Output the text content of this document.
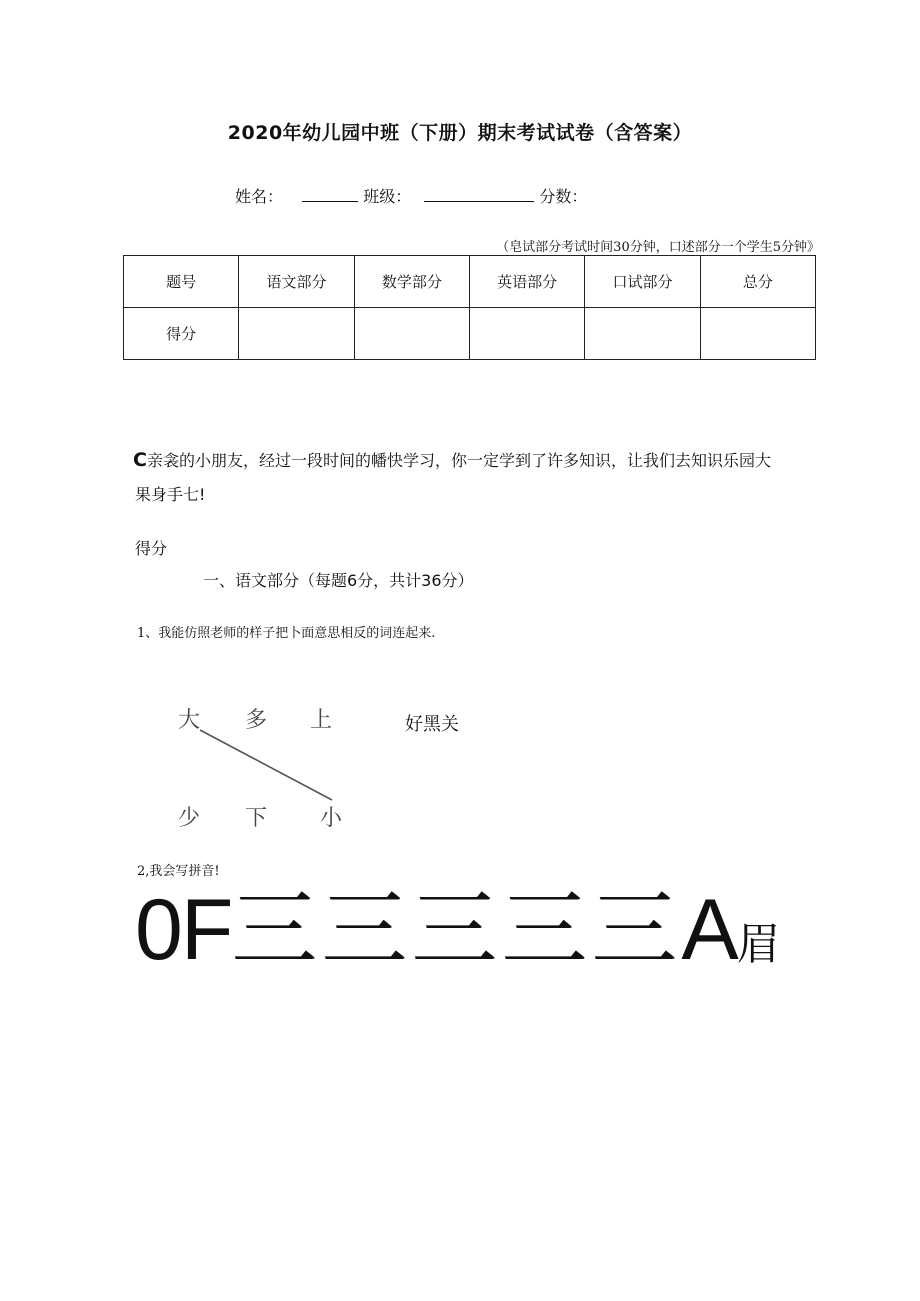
2020年幼儿园中班（下册）期末考试试卷（含答案）
姓名：	班级：	分数：
（皂试部分考试时间30分钟，口述部分一个学生5分钟》
题号	语文部分	数学部分	英语部分	口试部分	总分
得分					
C亲衾的小朋友，经过一段时间的幡快学习，你一定学到了许多知识，让我们去知识乐园大
果身手七!
得分
一、语文部分（每题6分，共计36分）
1、我能仿照老师的样子把卜面意思相反的词连起来.
大 多 上
少 下 小
好黑关
2,我会写拼音!
0F三三三三三A眉
